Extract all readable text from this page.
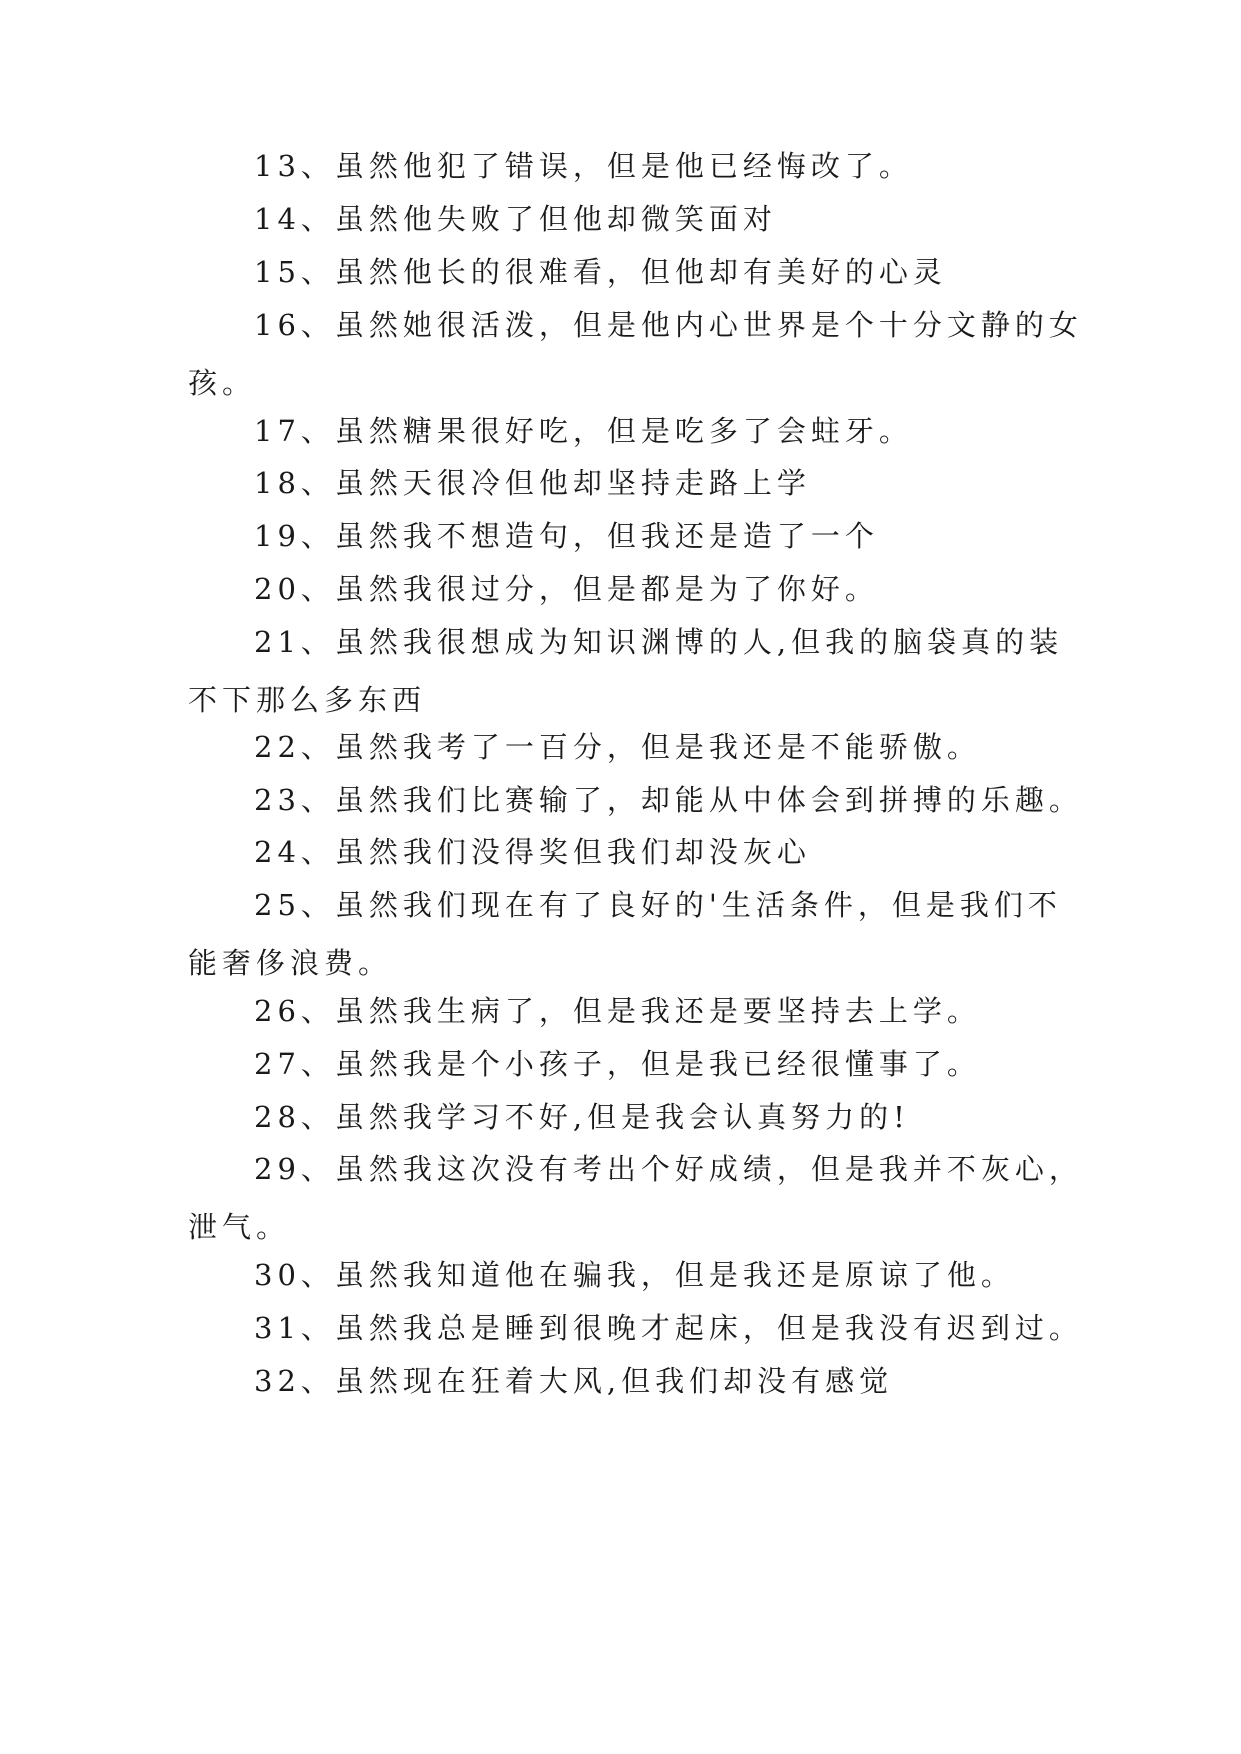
13、虽然他犯了错误，但是他已经悔改了。

14、虽然他失败了但他却微笑面对

15、虽然他长的很难看，但他却有美好的心灵

16、虽然她很活泼，但是他内心世界是个十分文静的女
孩。

17、虽然糖果很好吃，但是吃多了会蛀牙。

18、虽然天很冷但他却坚持走路上学

19、虽然我不想造句，但我还是造了一个

20、虽然我很过分，但是都是为了你好。

21、虽然我很想成为知识渊博的人,但我的脑袋真的装
不下那么多东西

22、虽然我考了一百分，但是我还是不能骄傲。

23、虽然我们比赛输了，却能从中体会到拼搏的乐趣。

24、虽然我们没得奖但我们却没灰心

25、虽然我们现在有了良好的'生活条件，但是我们不
能奢侈浪费。

26、虽然我生病了，但是我还是要坚持去上学。

27、虽然我是个小孩子，但是我已经很懂事了。

28、虽然我学习不好,但是我会认真努力的!

29、虽然我这次没有考出个好成绩，但是我并不灰心，
泄气。

30、虽然我知道他在骗我，但是我还是原谅了他。

31、虽然我总是睡到很晚才起床，但是我没有迟到过。

32、虽然现在狂着大风,但我们却没有感觉
